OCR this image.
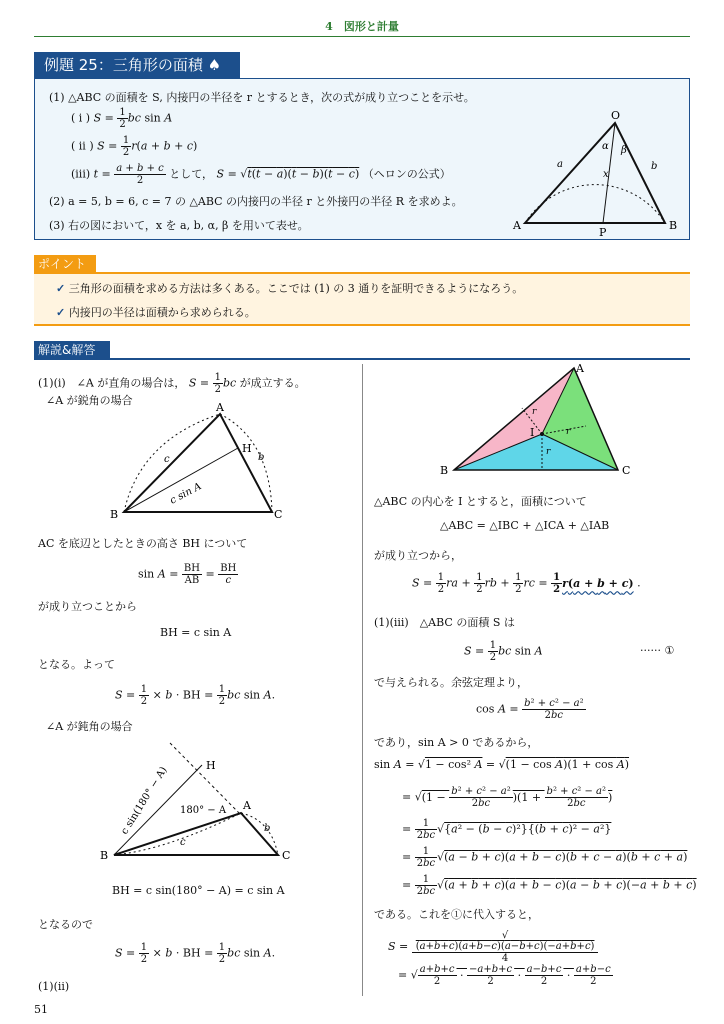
4　図形と計量
例題 25：三角形の面積 ♠
(1) △ABC の面積を S, 内接円の半径を r とするとき，次の式が成り立つことを示せ。
( i ) $S = \frac{1}{2}$ bc sin A
( ii ) $S = \frac{1}{2} r(a + b + c)$
(iii) $t = \frac{a + b + c}{2}$ として， S = √t(t − a)(t − b)(t − c) （ヘロンの公式）
(2) a = 5, b = 6, c = 7 の △ABC の内接円の半径 r と外接円の半径 R を求めよ。
(3) 右の図において，x を a, b, α, β を用いて表せ。
O
A	B
P
a	b
x
α β
ポイント
✓ 三角形の面積を求める方法は多くある。ここでは (1) の 3 通りを証明できるようになろう。
✓ 内接円の半径は面積から求められる。
解説&解答
(1)(i)　∠A が直角の場合は， $S = \frac{1}{2}$ bc が成立する。
∠A が鋭角の場合
A
B	C
H
b
c
c sin A
AC を底辺としたときの高さ BH について
$\sin A = \frac{BH}{AB} = \frac{BH}{c}$
が成り立つことから
BH = c sin A
となる。よって
$S = \frac{1}{2} \times b$ · BH = $\frac{1}{2}$ bc sin A.
∠A が鈍角の場合
H
A
B	C
b
c
180° − A
c sin(180° − A)
BH = c sin(180° − A) = c sin A
となるので
$S = \frac{1}{2} \times b$ · BH = $\frac{1}{2}$ bc sin A.
(1)(ii)
A
B	C
I
r
r
r
△ABC の内心を I とすると，面積について
△ABC = △IBC + △ICA + △IAB
が成り立つから，
$S = \frac{1}{2}$ ra + $\frac{1}{2}$ rb + $\frac{1}{2}$ rc = $\frac{1}{2} r(a + b + c)$ .
(1)(iii)　△ABC の面積 S は
$S = \frac{1}{2}$ bc sin A	······ ①
で与えられる。余弦定理より，
$\cos A = \frac{\text{b² + c² − a²}}{2bc}$
であり，sin A > 0 であるから，
sin A = √1 − cos² A = √(1 − cos A)(1 + cos A)
= $√(1 - \frac{\text{b² + c² − a²}}{2bc} )(1 + \frac{\text{b² + c² − a²}}{2bc}$ )
= $\frac{1}{2bc} √\{a^2 - (b - c)^2\}\{(b + c)^2 - a^2\}$
= $\frac{1}{2bc} √(a - b + c)(a + b - c)(b + c - a)(b + c + a)$
= $\frac{1}{2bc} √(a + b + c)(a + b - c)(a - b + c)(-a + b + c)$
である。これを①に代入すると，
S = √
(a+b+c)(a+b−c)(a−b+c)(−a+b+c)
4
= √ $\frac{a+b+c}{2} \cdot \frac{-a+b+c}{2} \cdot \frac{a-b+c}{2} \cdot \frac{a+b-c}{2}$
51
